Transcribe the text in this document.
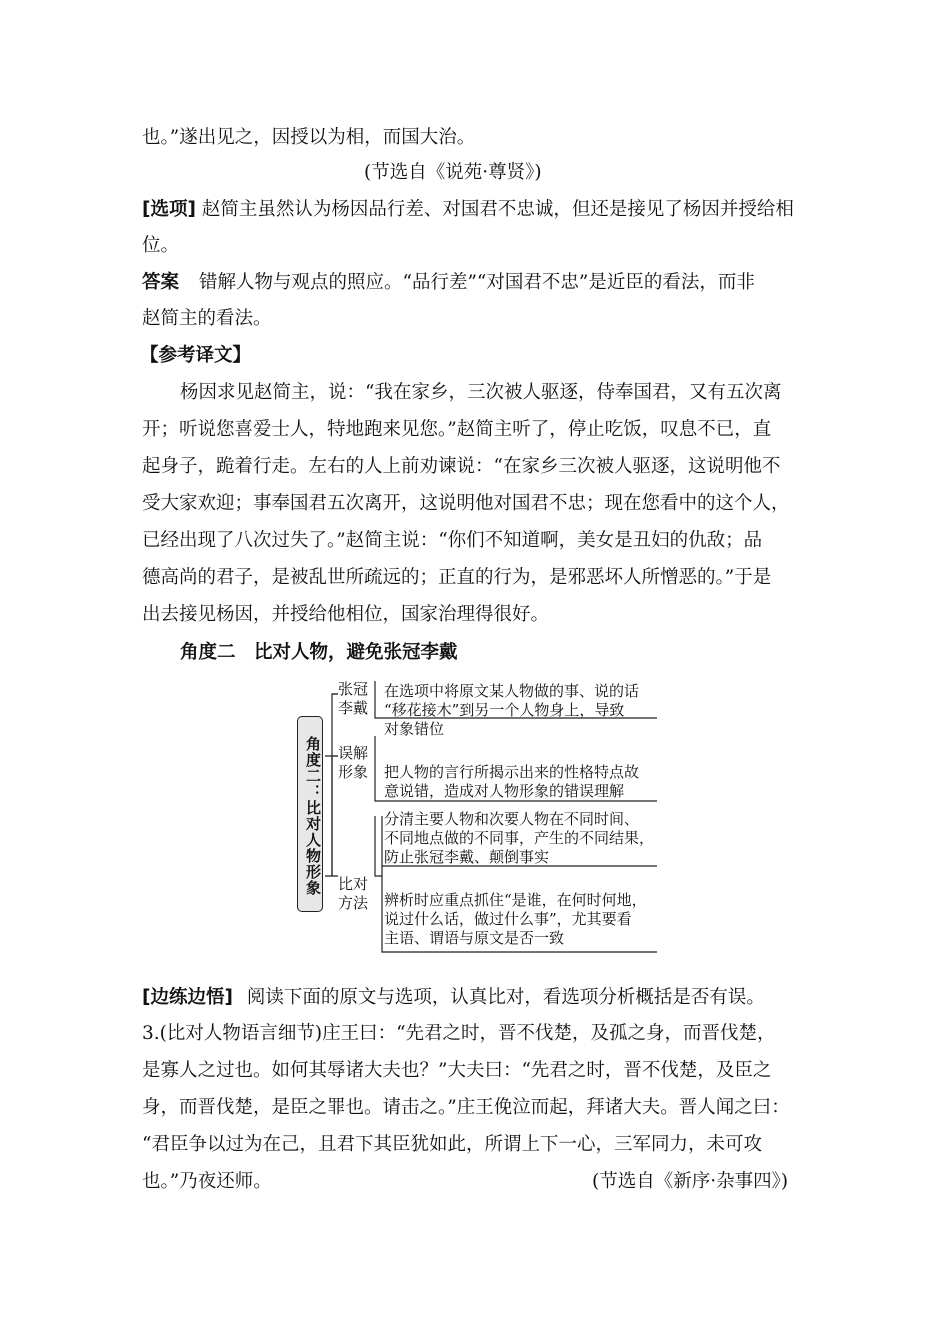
也。”遂出见之，因授以为相，而国大治。
(节选自《说苑·尊贤》)
[选项] 赵简主虽然认为杨因品行差、对国君不忠诚，但还是接见了杨因并授给相
位。
答案 错解人物与观点的照应。“品行差”“对国君不忠”是近臣的看法，而非
赵简主的看法。
【参考译文】
杨因求见赵简主，说：“我在家乡，三次被人驱逐，侍奉国君，又有五次离
开；听说您喜爱士人，特地跑来见您。”赵简主听了，停止吃饭，叹息不已，直
起身子，跪着行走。左右的人上前劝谏说：“在家乡三次被人驱逐，这说明他不
受大家欢迎；事奉国君五次离开，这说明他对国君不忠；现在您看中的这个人，
已经出现了八次过失了。”赵简主说：“你们不知道啊，美女是丑妇的仇敌；品
德高尚的君子，是被乱世所疏远的；正直的行为，是邪恶坏人所憎恶的。”于是
出去接见杨因，并授给他相位，国家治理得很好。
角度二　比对人物，避免张冠李戴
角度二：比对人物形象
张冠
李戴
在选项中将原文某人物做的事、说的话
“移花接木”到另一个人物身上，导致
对象错位
误解
形象 把人物的言行所揭示出来的性格特点故
意说错，造成对人物形象的错误理解
比对
方法
分清主要人物和次要人物在不同时间、
不同地点做的不同事，产生的不同结果，
防止张冠李戴、颠倒事实
辨析时应重点抓住“是谁，在何时何地，
说过什么话，做过什么事”，尤其要看
主语、谓语与原文是否一致
[边练边悟] 阅读下面的原文与选项，认真比对，看选项分析概括是否有误。
3.(比对人物语言细节)庄王曰：“先君之时，晋不伐楚，及孤之身，而晋伐楚，
是寡人之过也。如何其辱诸大夫也？”大夫曰：“先君之时，晋不伐楚，及臣之
身，而晋伐楚，是臣之罪也。请击之。”庄王俛泣而起，拜诸大夫。晋人闻之曰：
“君臣争以过为在己，且君下其臣犹如此，所谓上下一心，三军同力，未可攻
也。”乃夜还师。	(节选自《新序·杂事四》)
